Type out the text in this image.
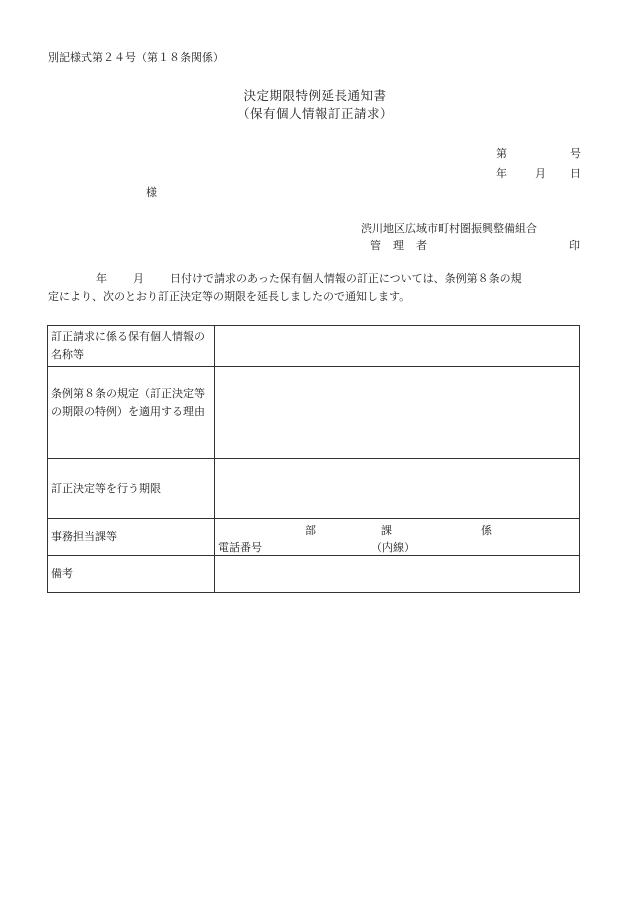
別記様式第２４号（第１８条関係）
決定期限特例延長通知書
（保有個人情報訂正請求）
第	号
年	月 日
様
渋川地区広域市町村圏振興整備組合
管理者	印
年 月 日付けで請求のあった保有個人情報の訂正については、条例第８条の規
定により、次のとおり訂正決定等の期限を延長しましたので通知します。
訂正請求に係る保有個人情報の名称等	
条例第８条の規定（訂正決定等の期限の特例）を適用する理由	
訂正決定等を行う期限	
事務担当課等	部 課 係
電話番号 （内線）

備考	
